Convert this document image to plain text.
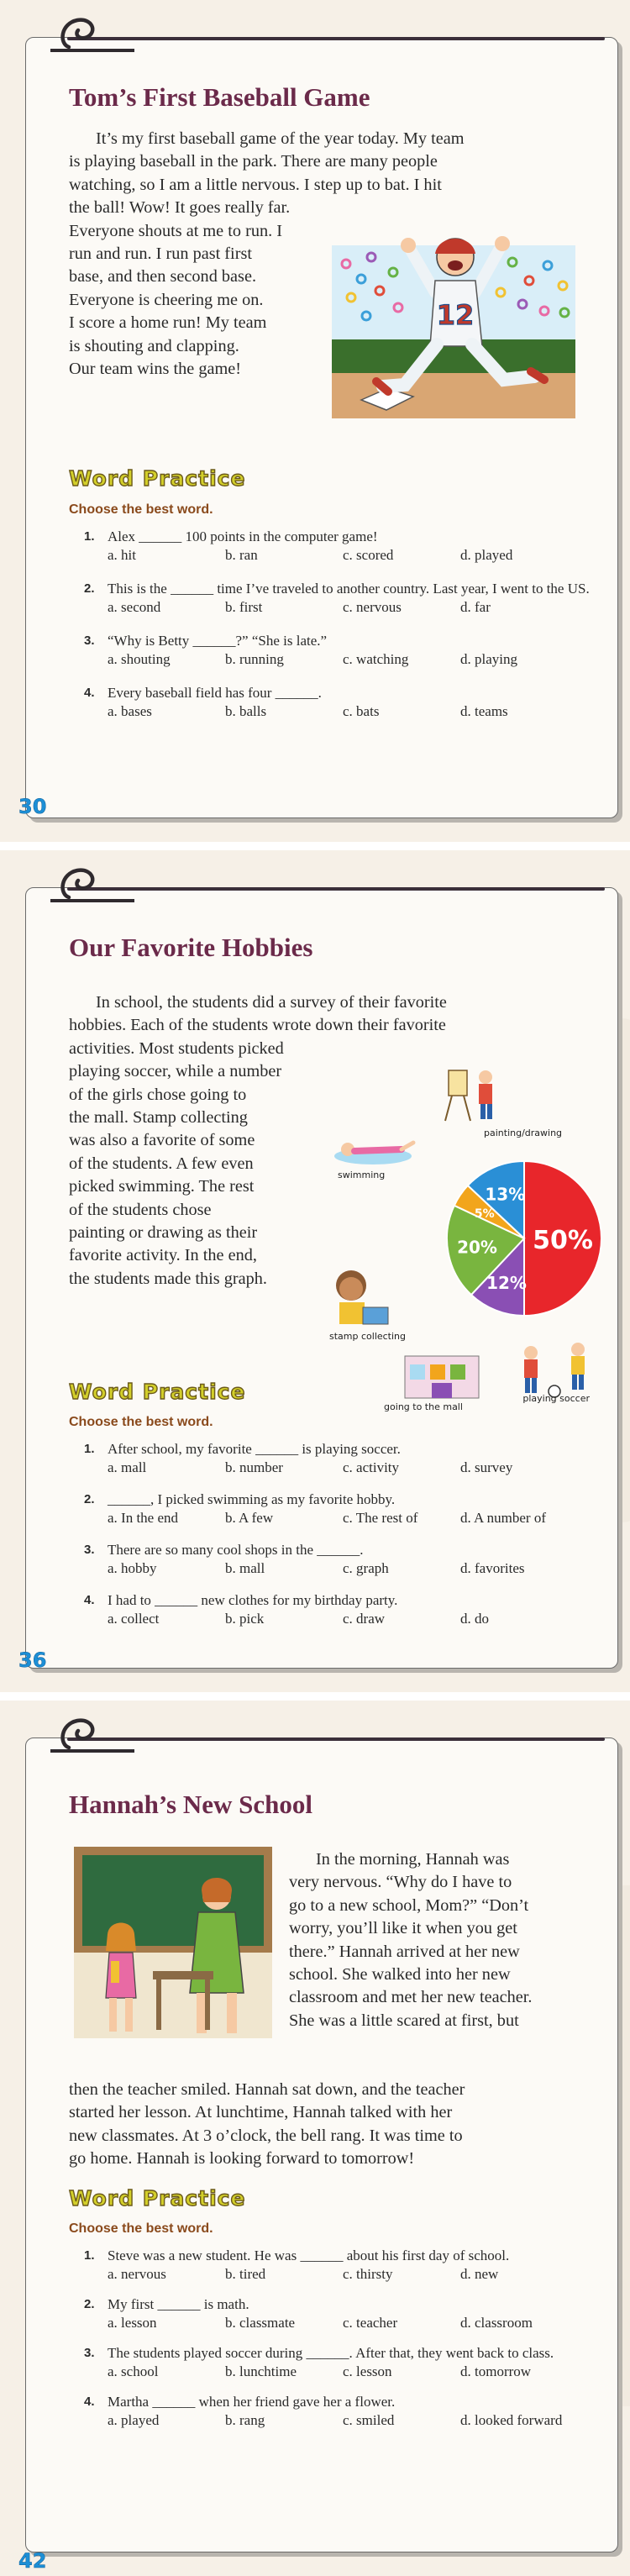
Tom’s First Baseball Game
It’s my first baseball game of the year today. My team
is playing baseball in the park. There are many people
watching, so I am a little nervous. I step up to bat. I hit
the ball! Wow! It goes really far.
Everyone shouts at me to run. I
run and run. I run past first
base, and then second base.
Everyone is cheering me on.
I score a home run! My team
is shouting and clapping.
Our team wins the game!
12
Word Practice
Choose the best word.
1. Alex ______ 100 points in the computer game!
a. hit	b. ran	c. scored	d. played
2. This is the ______ time I’ve traveled to another country. Last year, I went to the US.
a. second	b. first	c. nervous	d. far
3. “Why is Betty ______?” “She is late.”
a. shouting	b. running	c. watching	d. playing
4. Every baseball field has four ______.
a. bases	b. balls	c. bats	d. teams
30
Our Favorite Hobbies
In school, the students did a survey of their favorite
hobbies. Each of the students wrote down their favorite
activities. Most students picked
playing soccer, while a number
of the girls chose going to
the mall. Stamp collecting
was also a favorite of some
of the students. A few even
picked swimming. The rest
of the students chose
painting or drawing as their
favorite activity. In the end,
the students made this graph.
50%
12%
20%
5%
13%
playing soccer
going to the mall
stamp collecting
swimming
painting/drawing
Word Practice
Choose the best word.
1. After school, my favorite ______ is playing soccer.
a. mall	b. number	c. activity	d. survey
2. ______, I picked swimming as my favorite hobby.
a. In the end	b. A few	c. The rest of	d. A number of
3. There are so many cool shops in the ______.
a. hobby	b. mall	c. graph	d. favorites
4. I had to ______ new clothes for my birthday party.
a. collect	b. pick	c. draw	d. do
36
Hannah’s New School
In the morning, Hannah was
very nervous. “Why do I have to
go to a new school, Mom?” “Don’t
worry, you’ll like it when you get
there.” Hannah arrived at her new
school. She walked into her new
classroom and met her new teacher.
She was a little scared at first, but
then the teacher smiled. Hannah sat down, and the teacher
started her lesson. At lunchtime, Hannah talked with her
new classmates. At 3 o’clock, the bell rang. It was time to
go home. Hannah is looking forward to tomorrow!
Word Practice
Choose the best word.
1. Steve was a new student. He was ______ about his first day of school.
a. nervous	b. tired	c. thirsty	d. new
2. My first ______ is math.
a. lesson	b. classmate	c. teacher	d. classroom
3. The students played soccer during ______. After that, they went back to class.
a. school	b. lunchtime	c. lesson	d. tomorrow
4. Martha ______ when her friend gave her a flower.
a. played	b. rang	c. smiled	d. looked forward
42
